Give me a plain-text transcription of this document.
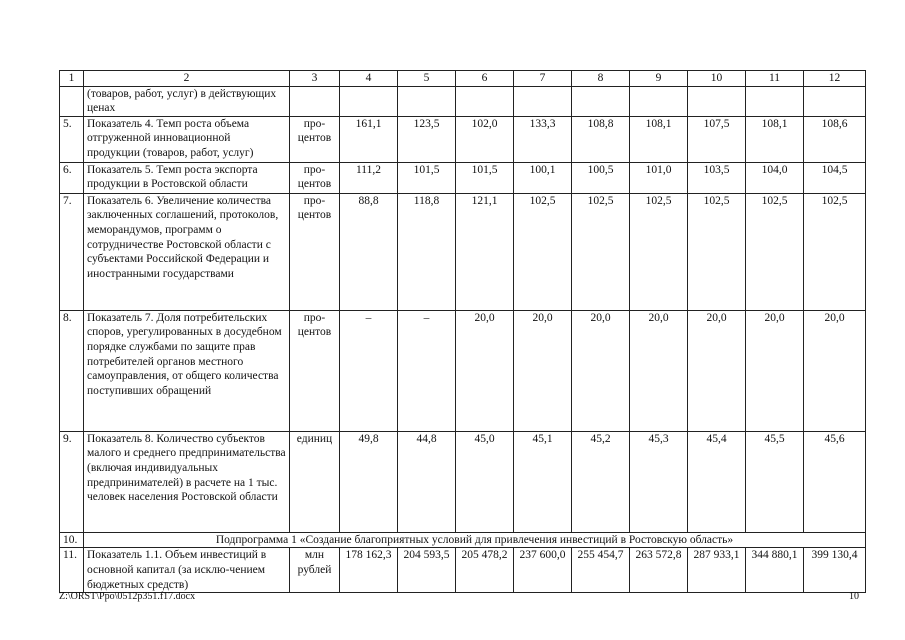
1	2	3	4	5	6	7	8	9	10	11	12
	(товаров, работ, услуг) в действующих ценах										
5.	Показатель 4. Темп роста объема отгруженной инновационной продукции (товаров, работ, услуг)	про-центов	161,1	123,5	102,0	133,3	108,8	108,1	107,5	108,1	108,6
6.	Показатель 5. Темп роста экспорта продукции в Ростовской области	про-центов	111,2	101,5	101,5	100,1	100,5	101,0	103,5	104,0	104,5
7.	Показатель 6. Увеличение количества заключенных соглашений, протоколов, меморандумов, программ о сотрудничестве Ростовской области с субъектами Российской Федерации и иностранными государствами	про-центов	88,8	118,8	121,1	102,5	102,5	102,5	102,5	102,5	102,5
8.	Показатель 7. Доля потребительских споров, урегулированных в досудебном порядке службами по защите прав потребителей органов местного самоуправления, от общего количества поступивших обращений	про-центов	–	–	20,0	20,0	20,0	20,0	20,0	20,0	20,0
9.	Показатель 8. Количество субъектов малого и среднего предпринимательства (включая индивидуальных предпринимателей) в расчете на 1 тыс. человек населения Ростовской области	единиц	49,8	44,8	45,0	45,1	45,2	45,3	45,4	45,5	45,6
10.	Подпрограмма 1 «Создание благоприятных условий для привлечения инвестиций в Ростовскую область»										
11.	Показатель 1.1. Объем инвестиций в основной капитал (за исклю-чением бюджетных средств)	млн рублей	178 162,3	204 593,5	205 478,2	237 600,0	255 454,7	263 572,8	287 933,1	344 880,1	399 130,4
Z:\ORST\Ppo\0512p351.f17.docx	10
